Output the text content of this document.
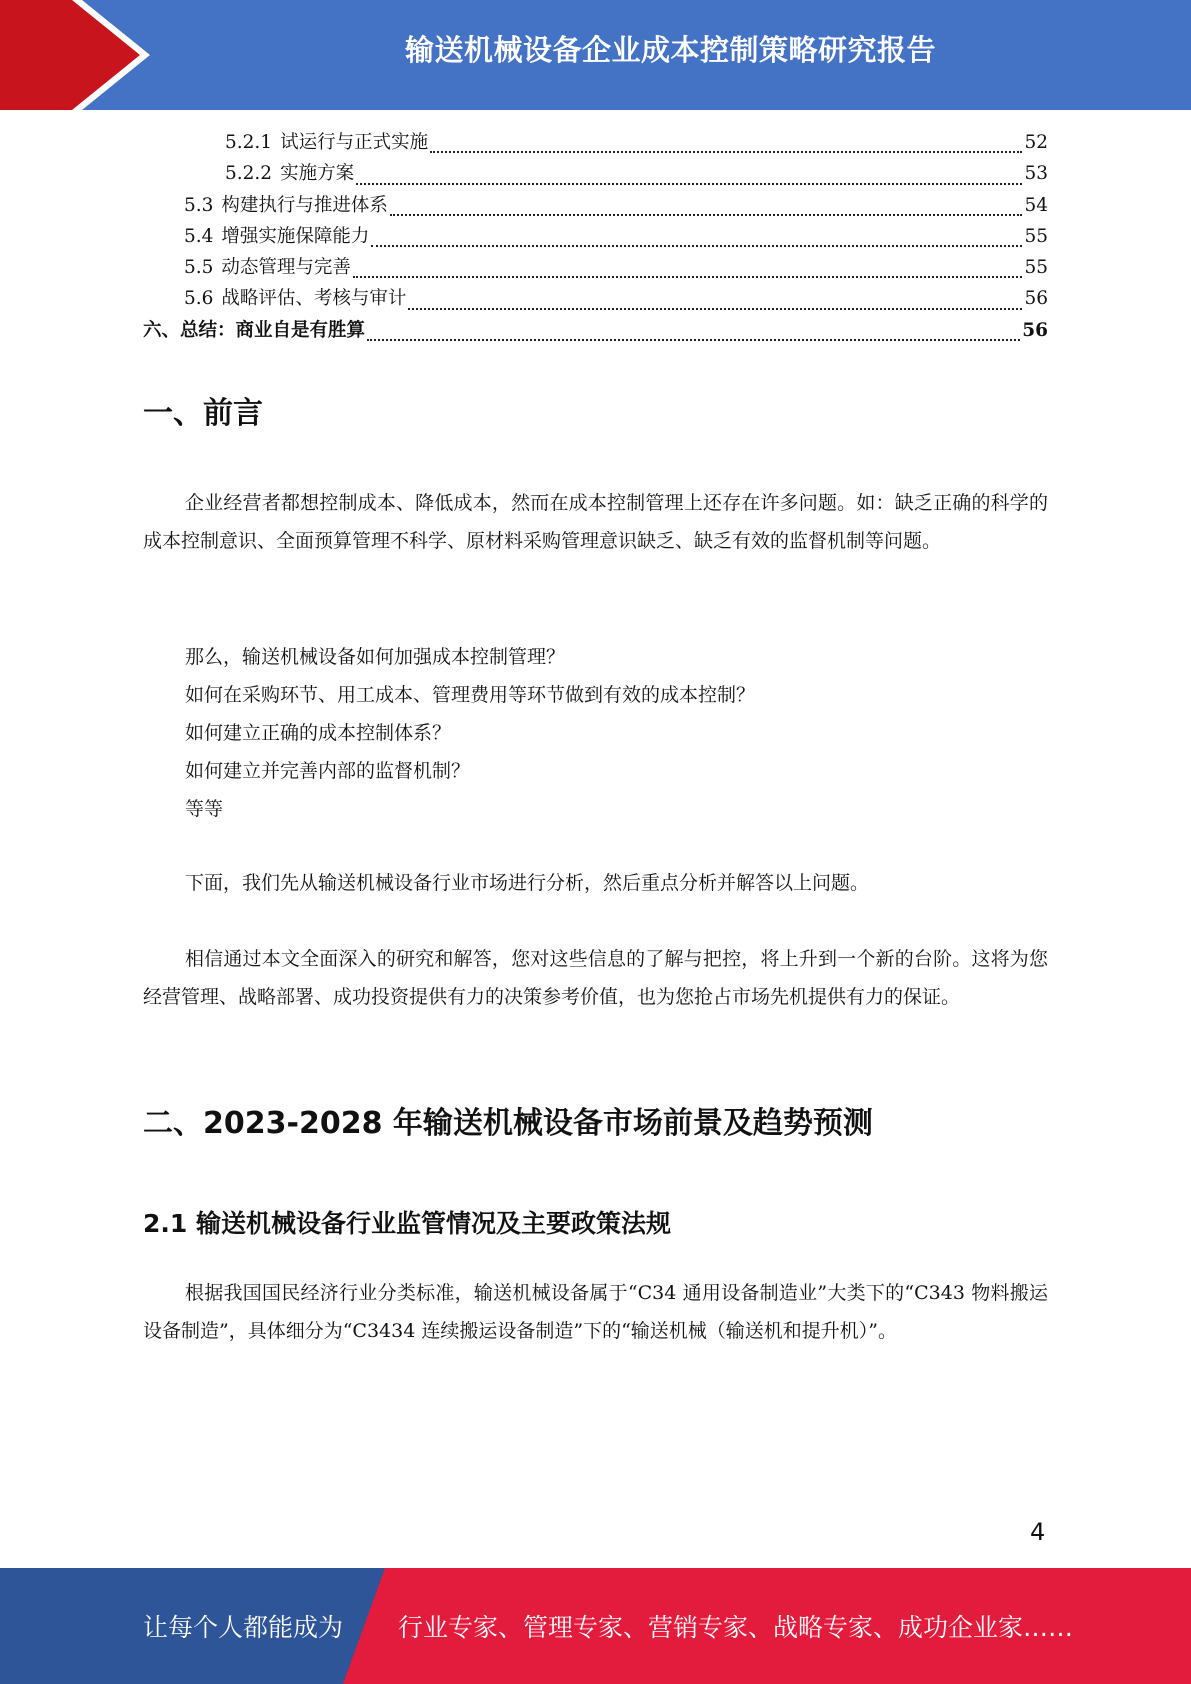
输送机械设备企业成本控制策略研究报告
5.2.1 试运行与正式实施	52
5.2.2 实施方案	53
5.3 构建执行与推进体系	54
5.4 增强实施保障能力	55
5.5 动态管理与完善	55
5.6 战略评估、考核与审计	56
六、总结：商业自是有胜算	56
一、前言

企业经营者都想控制成本、降低成本，然而在成本控制管理上还存在许多问题。如：缺乏正确的科学的成本控制意识、全面预算管理不科学、原材料采购管理意识缺乏、缺乏有效的监督机制等问题。

那么，输送机械设备如何加强成本控制管理？
如何在采购环节、用工成本、管理费用等环节做到有效的成本控制？
如何建立正确的成本控制体系？
如何建立并完善内部的监督机制？
等等

下面，我们先从输送机械设备行业市场进行分析，然后重点分析并解答以上问题。

相信通过本文全面深入的研究和解答，您对这些信息的了解与把控，将上升到一个新的台阶。这将为您经营管理、战略部署、成功投资提供有力的决策参考价值，也为您抢占市场先机提供有力的保证。

二、2023-2028 年输送机械设备市场前景及趋势预测
2.1 输送机械设备行业监管情况及主要政策法规

根据我国国民经济行业分类标准，输送机械设备属于“C34 通用设备制造业”大类下的“C343 物料搬运设备制造”，具体细分为“C3434 连续搬运设备制造”下的“输送机械（输送机和提升机）”。

4
让每个人都能成为 行业专家、管理专家、营销专家、战略专家、成功企业家……
